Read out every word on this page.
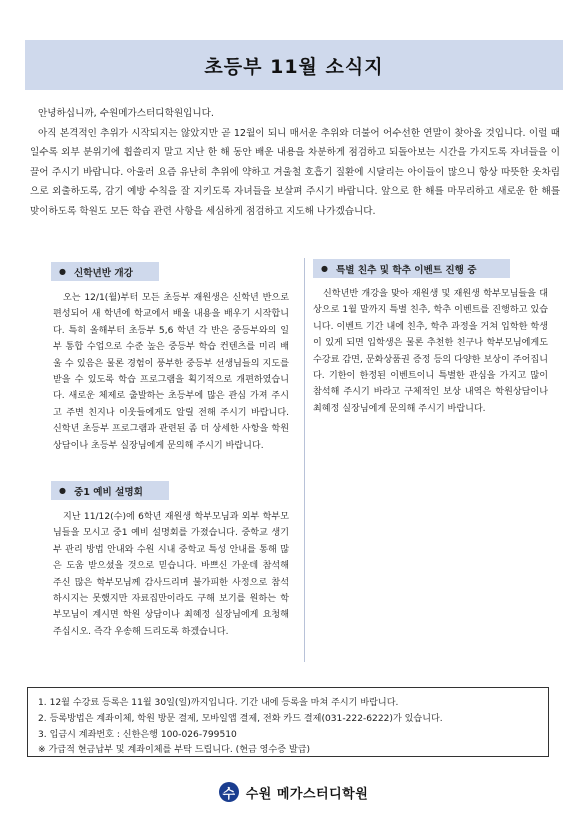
초등부 11월 소식지

안녕하십니까, 수원메가스터디학원입니다.

아직 본격적인 추위가 시작되지는 않았지만 곧 12월이 되니 매서운 추위와 더불어 어수선한 연말이 찾아올 것입니다. 이럴 때일수록 외부 분위기에 휩쓸리지 말고 지난 한 해 동안 배운 내용을 차분하게 점검하고 되돌아보는 시간을 가지도록 자녀들을 이끌어 주시기 바랍니다. 아울러 요즘 유난히 추위에 약하고 겨울철 호흡기 질환에 시달리는 아이들이 많으니 항상 따뜻한 옷차림으로 외출하도록, 감기 예방 수칙을 잘 지키도록 자녀들을 보살펴 주시기 바랍니다. 앞으로 한 해를 마무리하고 새로운 한 해를 맞이하도록 학원도 모든 학습 관련 사항을 세심하게 점검하고 지도해 나가겠습니다.

● 신학년반 개강

오는 12/1(월)부터 모든 초등부 재원생은 신학년 반으로 편성되어 새 학년에 학교에서 배울 내용을 배우기 시작합니다. 특히 올해부터 초등부 5,6 학년 각 반은 중등부와의 일부 통합 수업으로 수준 높은 중등부 학습 컨텐츠를 미리 배울 수 있음은 물론 경험이 풍부한 중등부 선생님들의 지도를 받을 수 있도록 학습 프로그램을 획기적으로 개편하였습니다. 새로운 체제로 출발하는 초등부에 많은 관심 가져 주시고 주변 친지나 이웃들에게도 알릴 전해 주시기 바랍니다. 신학년 초등부 프로그램과 관련된 좀 더 상세한 사항을 학원 상담이나 초등부 실장님에게 문의해 주시기 바랍니다.

● 중1 예비 설명회

지난 11/12(수)에 6학년 재원생 학부모님과 외부 학부모님들을 모시고 중1 예비 설명회를 가졌습니다. 중학교 생기부 관리 방법 안내와 수원 시내 중학교 특성 안내를 통해 많은 도움 받으셨을 것으로 믿습니다. 바쁘신 가운데 참석해 주신 많은 학부모님께 감사드리며 불가피한 사정으로 참석하시지는 못했지만 자료집만이라도 구해 보기를 원하는 학부모님이 계시면 학원 상담이나 최혜정 실장님에게 요청해 주십시오. 즉각 우송해 드리도록 하겠습니다.

● 특별 친추 및 학추 이벤트 진행 중

신학년반 개강을 맞아 재원생 및 재원생 학부모님들을 대상으로 1월 말까지 특별 친추, 학추 이벤트를 진행하고 있습니다. 이벤트 기간 내에 친추, 학추 과정을 거쳐 입학한 학생이 있게 되면 입학생은 물론 추천한 친구나 학부모님에게도 수강료 감면, 문화상품권 증정 등의 다양한 보상이 주어집니다. 기한이 한정된 이벤트이니 특별한 관심을 가지고 많이 참석해 주시기 바라고 구체적인 보상 내역은 학원상담이나 최혜정 실장님에게 문의해 주시기 바랍니다.

1. 12월 수강료 등록은 11월 30일(일)까지입니다. 기간 내에 등록을 마쳐 주시기 바랍니다.
2. 등록방법은 계좌이체, 학원 방문 결제, 모바일앱 결제, 전화 카드 결제(031-222-6222)가 있습니다.
3. 입금시 계좌번호 : 신한은행 100-026-799510
※ 가급적 현금납부 및 계좌이체를 부탁 드립니다. (현금 영수증 발급)
수 수원 메가스터디학원
